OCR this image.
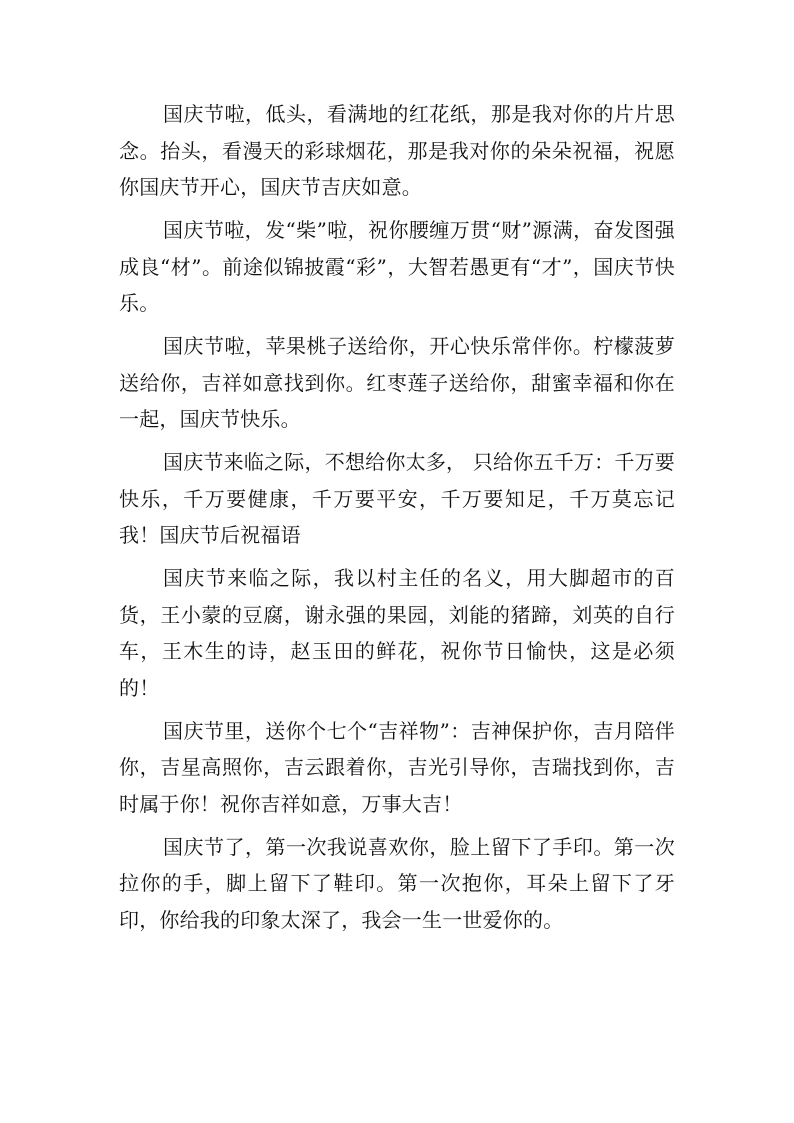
国庆节啦，低头，看满地的红花纸，那是我对你的片片思念。抬头，看漫天的彩球烟花，那是我对你的朵朵祝福，祝愿你国庆节开心，国庆节吉庆如意。

国庆节啦，发“柴”啦，祝你腰缠万贯“财”源满，奋发图强成良“材”。前途似锦披霞“彩”，大智若愚更有“才”，国庆节快乐。

国庆节啦，苹果桃子送给你，开心快乐常伴你。柠檬菠萝送给你，吉祥如意找到你。红枣莲子送给你，甜蜜幸福和你在一起，国庆节快乐。

国庆节来临之际，不想给你太多， 只给你五千万：千万要快乐，千万要健康，千万要平安，千万要知足，千万莫忘记我！国庆节后祝福语

国庆节来临之际，我以村主任的名义，用大脚超市的百货，王小蒙的豆腐，谢永强的果园，刘能的猪蹄，刘英的自行车，王木生的诗，赵玉田的鲜花，祝你节日愉快，这是必须的！

国庆节里，送你个七个“吉祥物”：吉神保护你，吉月陪伴你，吉星高照你，吉云跟着你，吉光引导你，吉瑞找到你，吉时属于你！祝你吉祥如意，万事大吉！

国庆节了，第一次我说喜欢你，脸上留下了手印。第一次拉你的手，脚上留下了鞋印。第一次抱你，耳朵上留下了牙印，你给我的印象太深了，我会一生一世爱你的。
